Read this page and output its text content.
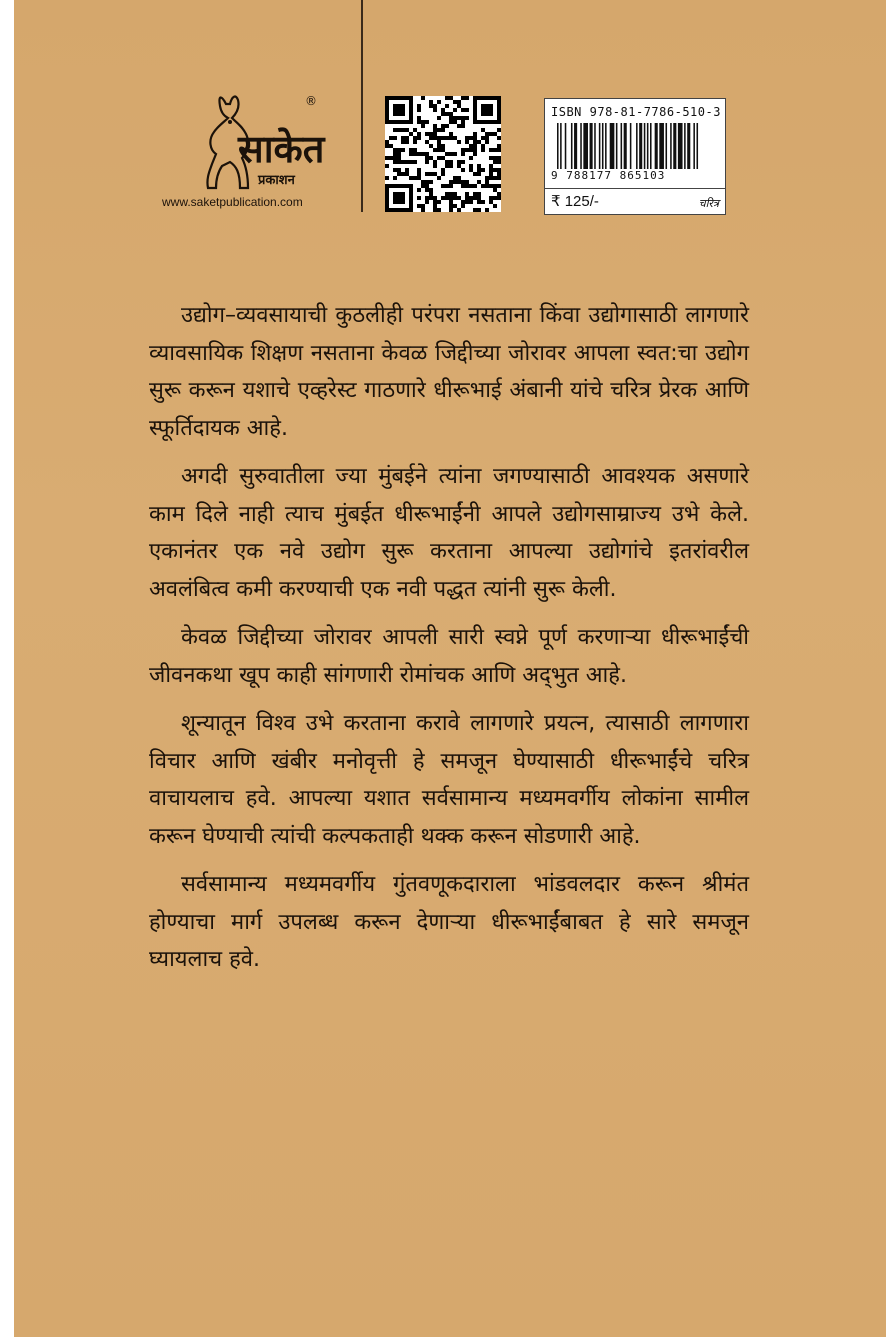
साकेत
®
प्रकाशन
www.saketpublication.com
ISBN 978-81-7786-510-3
9 788177 865103
₹ 125/-	चरित्र

उद्योग–व्यवसायाची कुठलीही परंपरा नसताना किंवा उद्योगासाठी लागणारे व्यावसायिक शिक्षण नसताना केवळ जिद्दीच्या जोरावर आपला स्वत:चा उद्योग सुरू करून यशाचे एव्हरेस्ट गाठणारे धीरूभाई अंबानी यांचे चरित्र प्रेरक आणि स्फूर्तिदायक आहे.

अगदी सुरुवातीला ज्या मुंबईने त्यांना जगण्यासाठी आवश्यक असणारे काम दिले नाही त्याच मुंबईत धीरूभाईंनी आपले उद्योगसाम्राज्य उभे केले. एकानंतर एक नवे उद्योग सुरू करताना आपल्या उद्योगांचे इतरांवरील अवलंबित्व कमी करण्याची एक नवी पद्धत त्यांनी सुरू केली.

केवळ जिद्दीच्या जोरावर आपली सारी स्वप्ने पूर्ण करणाऱ्या धीरूभाईंची जीवनकथा खूप काही सांगणारी रोमांचक आणि अद्‌भुत आहे.

शून्यातून विश्व उभे करताना करावे लागणारे प्रयत्न, त्यासाठी लागणारा विचार आणि खंबीर मनोवृत्ती हे समजून घेण्यासाठी धीरूभाईंचे चरित्र वाचायलाच हवे. आपल्या यशात सर्वसामान्य मध्यमवर्गीय लोकांना सामील करून घेण्याची त्यांची कल्पकताही थक्क करून सोडणारी आहे.

सर्वसामान्य मध्यमवर्गीय गुंतवणूकदाराला भांडवलदार करून श्रीमंत होण्याचा मार्ग उपलब्ध करून देणाऱ्या धीरूभाईंबाबत हे सारे समजून घ्यायलाच हवे.
